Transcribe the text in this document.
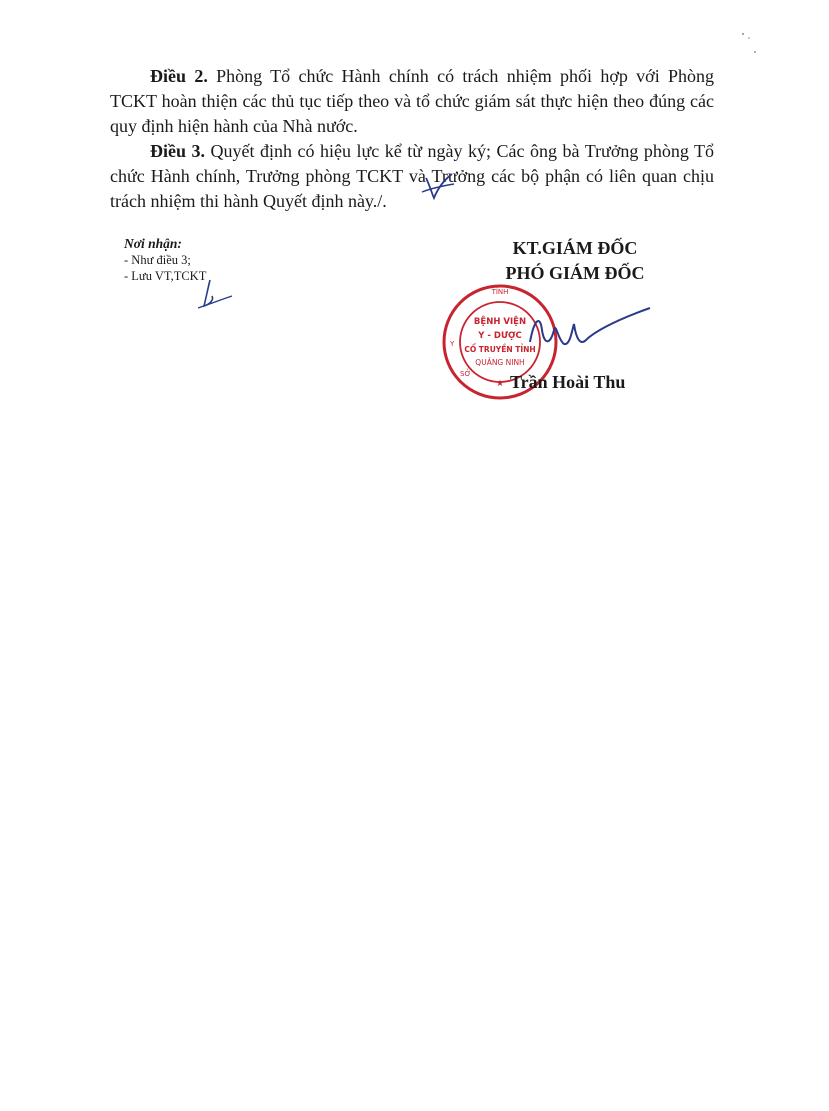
Điều 2. Phòng Tổ chức Hành chính có trách nhiệm phối hợp với Phòng TCKT hoàn thiện các thủ tục tiếp theo và tổ chức giám sát thực hiện theo đúng các quy định hiện hành của Nhà nước.

Điều 3. Quyết định có hiệu lực kể từ ngày ký; Các ông bà Trưởng phòng Tổ chức Hành chính, Trưởng phòng TCKT và Trưởng các bộ phận có liên quan chịu trách nhiệm thi hành Quyết định này./.

Nơi nhận:
- Như điều 3;
- Lưu VT,TCKT
KT.GIÁM ĐỐC
PHÓ GIÁM ĐỐC
TỈNH
★
BỆNH VIỆN
Y - DƯỢC
CỔ TRUYỀN TỈNH
QUẢNG NINH
Y
SỞ Trần Hoài Thu
